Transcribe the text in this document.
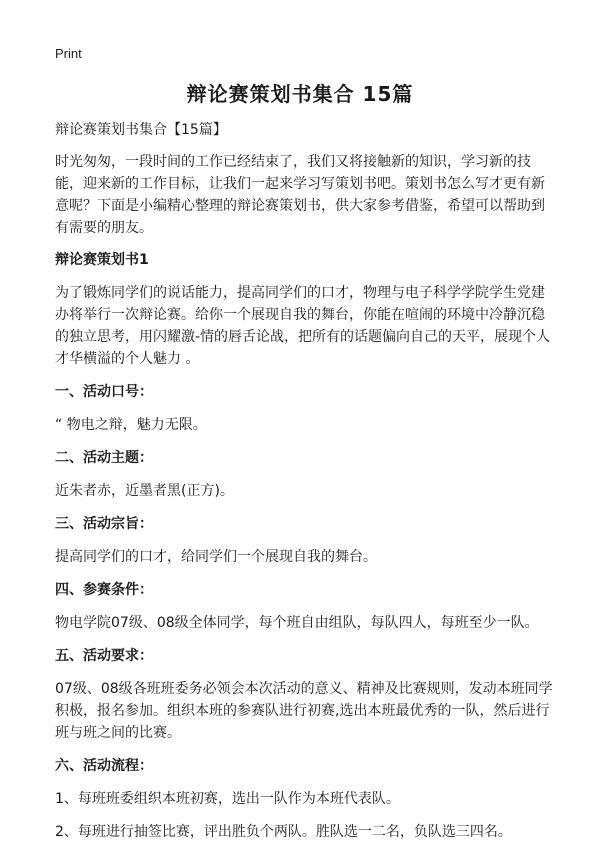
Print
辩论赛策划书集合 15篇

辩论赛策划书集合【15篇】

时光匆匆，一段时间的工作已经结束了，我们又将接触新的知识，学习新的技能，迎来新的工作目标，让我们一起来学习写策划书吧。策划书怎么写才更有新意呢？下面是小编精心整理的辩论赛策划书，供大家参考借鉴，希望可以帮助到有需要的朋友。

辩论赛策划书1

为了锻炼同学们的说话能力，提高同学们的口才，物理与电子科学学院学生党建办将举行一次辩论赛。给你一个展现自我的舞台，你能在喧闹的环境中冷静沉稳的独立思考，用闪耀激-情的唇舌论战，把所有的话题偏向自己的天平，展现个人才华横溢的个人魅力 。

一、活动口号：

“ 物电之辩，魅力无限。

二、活动主题：

近朱者赤，近墨者黑(正方)。

三、活动宗旨：

提高同学们的口才，给同学们一个展现自我的舞台。

四、参赛条件：

物电学院07级、08级全体同学，每个班自由组队，每队四人，每班至少一队。

五、活动要求：

07级、08级各班班委务必领会本次活动的意义、精神及比赛规则，发动本班同学积极，报名参加。组织本班的参赛队进行初赛,选出本班最优秀的一队，然后进行班与班之间的比赛。

六、活动流程：

1、每班班委组织本班初赛，选出一队作为本班代表队。

2、每班进行抽签比赛，评出胜负个两队。胜队选一二名，负队选三四名。
